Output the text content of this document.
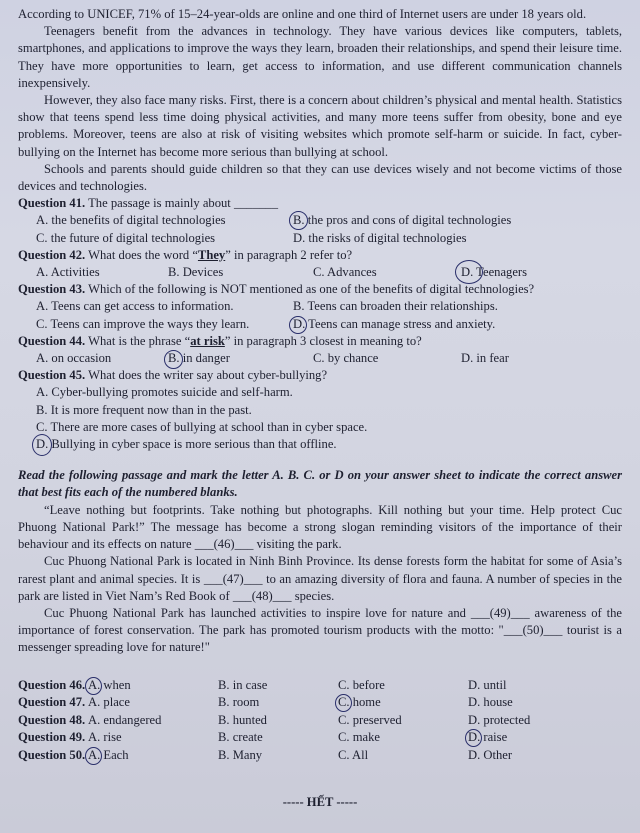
According to UNICEF, 71% of 15–24-year-olds are online and one third of Internet users are under 18 years old.

Teenagers benefit from the advances in technology. They have various devices like computers, tablets, smartphones, and applications to improve the ways they learn, broaden their relationships, and spend their leisure time. They have more opportunities to learn, get access to information, and use different communication channels inexpensively.

However, they also face many risks. First, there is a concern about children’s physical and mental health. Statistics show that teens spend less time doing physical activities, and many more teens suffer from obesity, bone and eye problems. Moreover, teens are also at risk of visiting websites which promote self-harm or suicide. In fact, cyber-bullying on the Internet has become more serious than bullying at school.

Schools and parents should guide children so that they can use devices wisely and not become victims of those devices and technologies.

Question 41. The passage is mainly about _______
A. the benefits of digital technologies	B. the pros and cons of digital technologies
C. the future of digital technologies	D. the risks of digital technologies
Question 42. What does the word “They” in paragraph 2 refer to?
A. Activities	B. Devices	C. Advances	D. Teenagers
Question 43. Which of the following is NOT mentioned as one of the benefits of digital technologies?
A. Teens can get access to information.	B. Teens can broaden their relationships.
C. Teens can improve the ways they learn.	D. Teens can manage stress and anxiety.
Question 44. What is the phrase “at risk” in paragraph 3 closest in meaning to?
A. on occasion	B. in danger	C. by chance	D. in fear
Question 45. What does the writer say about cyber-bullying?
A. Cyber-bullying promotes suicide and self-harm.
B. It is more frequent now than in the past.
C. There are more cases of bullying at school than in cyber space.
D. Bullying in cyber space is more serious than that offline.

Read the following passage and mark the letter A. B. C. or D on your answer sheet to indicate the correct answer that best fits each of the numbered blanks.

“Leave nothing but footprints. Take nothing but photographs. Kill nothing but your time. Help protect Cuc Phuong National Park!” The message has become a strong slogan reminding visitors of the importance of their behaviour and its effects on nature ___(46)___ visiting the park.

Cuc Phuong National Park is located in Ninh Binh Province. Its dense forests form the habitat for some of Asia’s rarest plant and animal species. It is ___(47)___ to an amazing diversity of flora and fauna. A number of species in the park are listed in Viet Nam’s Red Book of ___(48)___ species.

Cuc Phuong National Park has launched activities to inspire love for nature and ___(49)___ awareness of the importance of forest conservation. The park has promoted tourism products with the motto: "___(50)___ tourist is a messenger spreading love for nature!"

Question 46. A. when	B. in case	C. before	D. until
Question 47. A. place	B. room	C. home	D. house
Question 48. A. endangered	B. hunted	C. preserved	D. protected
Question 49. A. rise	B. create	C. make	D. raise
Question 50. A. Each	B. Many	C. All	D. Other
----- HẾT -----
